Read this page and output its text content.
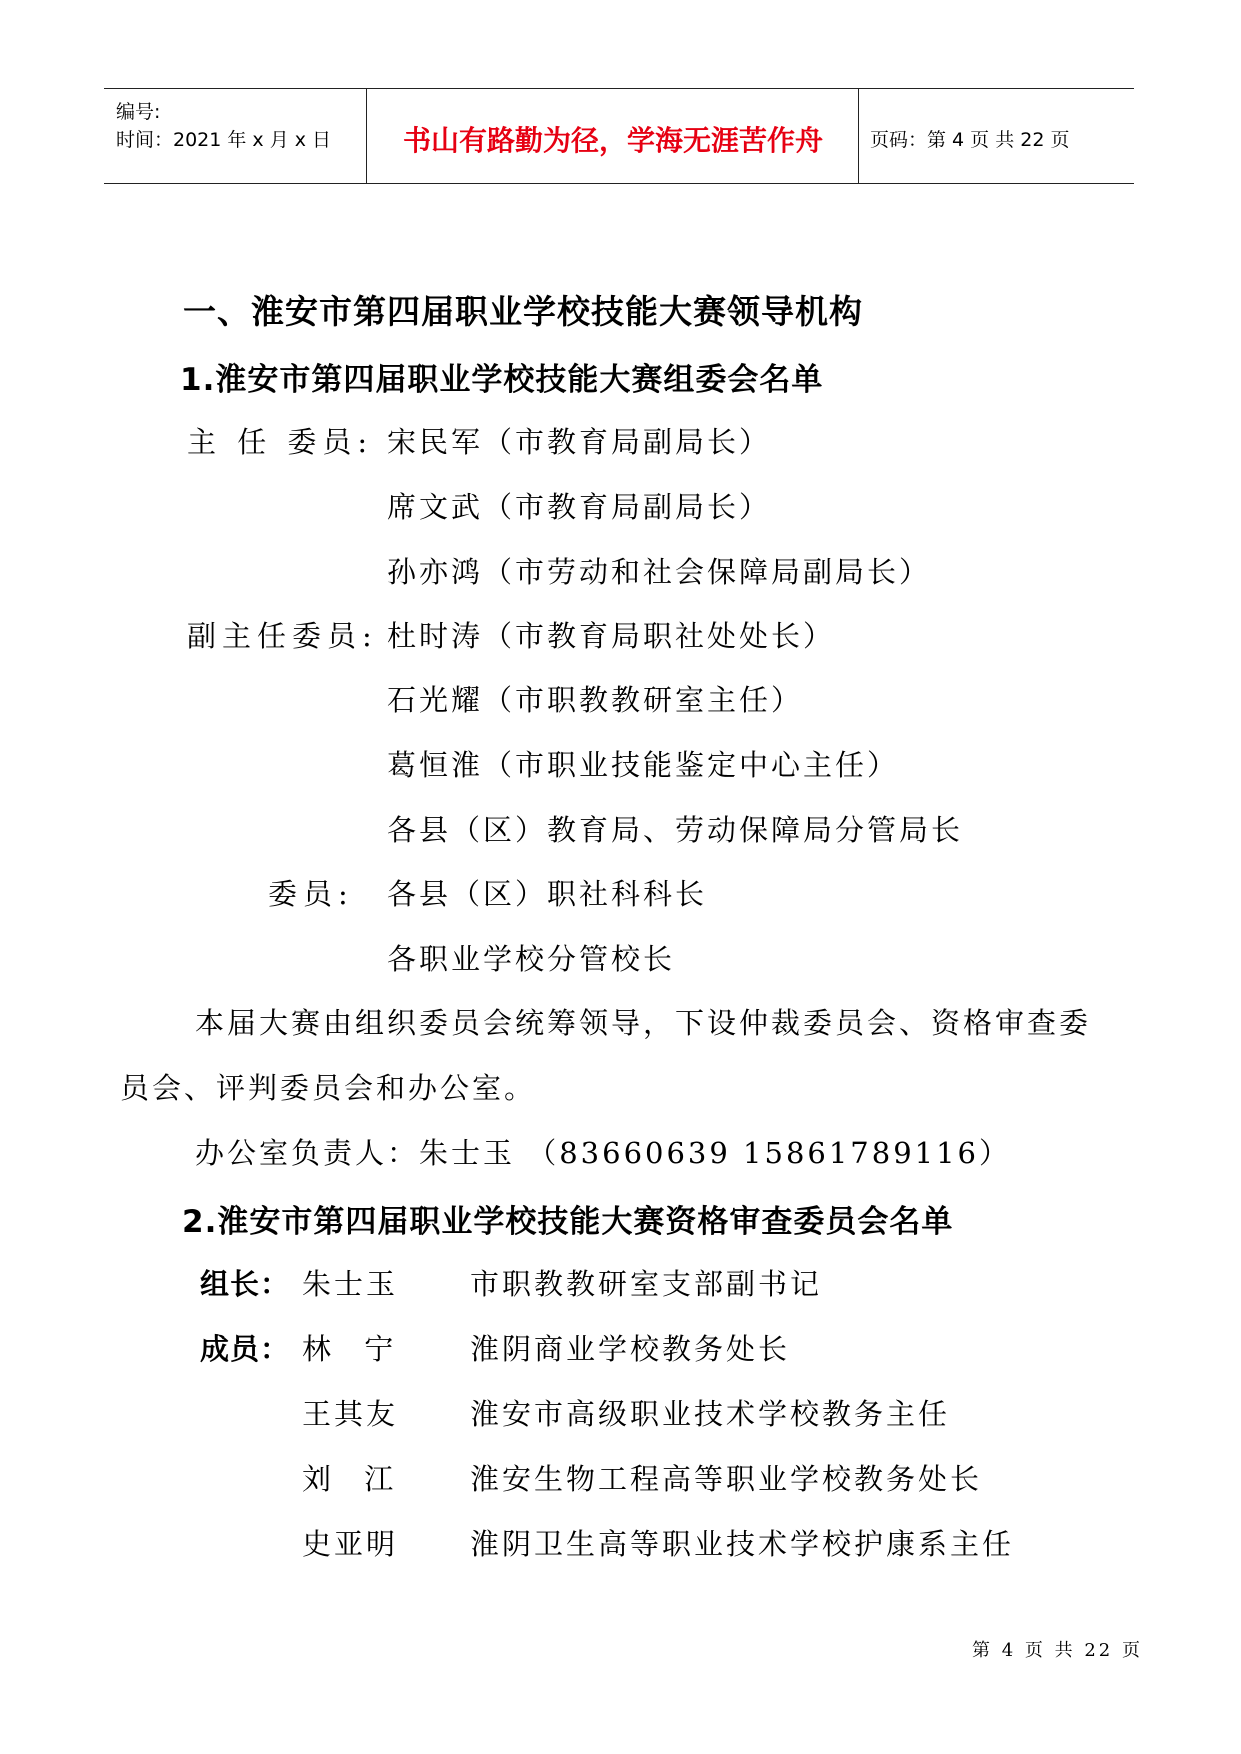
编号:
时间：2021 年 x 月 x 日	书山有路勤为径，学海无涯苦作舟	页码：第 4 页 共 22 页
一、淮安市第四届职业学校技能大赛领导机构
1.淮安市第四届职业学校技能大赛组委会名单
主 任 委员: 宋民军（市教育局副局长）
席文武（市教育局副局长）
孙亦鸿（市劳动和社会保障局副局长）
副主任委员: 杜时涛（市教育局职社处处长）
石光耀（市职教教研室主任）
葛恒淮（市职业技能鉴定中心主任）
各县（区）教育局、劳动保障局分管局长
委员: 各县（区）职社科科长
各职业学校分管校长
本届大赛由组织委员会统筹领导，下设仲裁委员会、资格审查委
员会、评判委员会和办公室。
办公室负责人：朱士玉 （83660639 15861789116）
2.淮安市第四届职业学校技能大赛资格审查委员会名单
组长： 朱士玉 市职教教研室支部副书记
成员： 林 宁 淮阴商业学校教务处长
王其友 淮安市高级职业技术学校教务主任
刘 江 淮安生物工程高等职业学校教务处长
史亚明 淮阴卫生高等职业技术学校护康系主任
第 4 页 共 22 页
